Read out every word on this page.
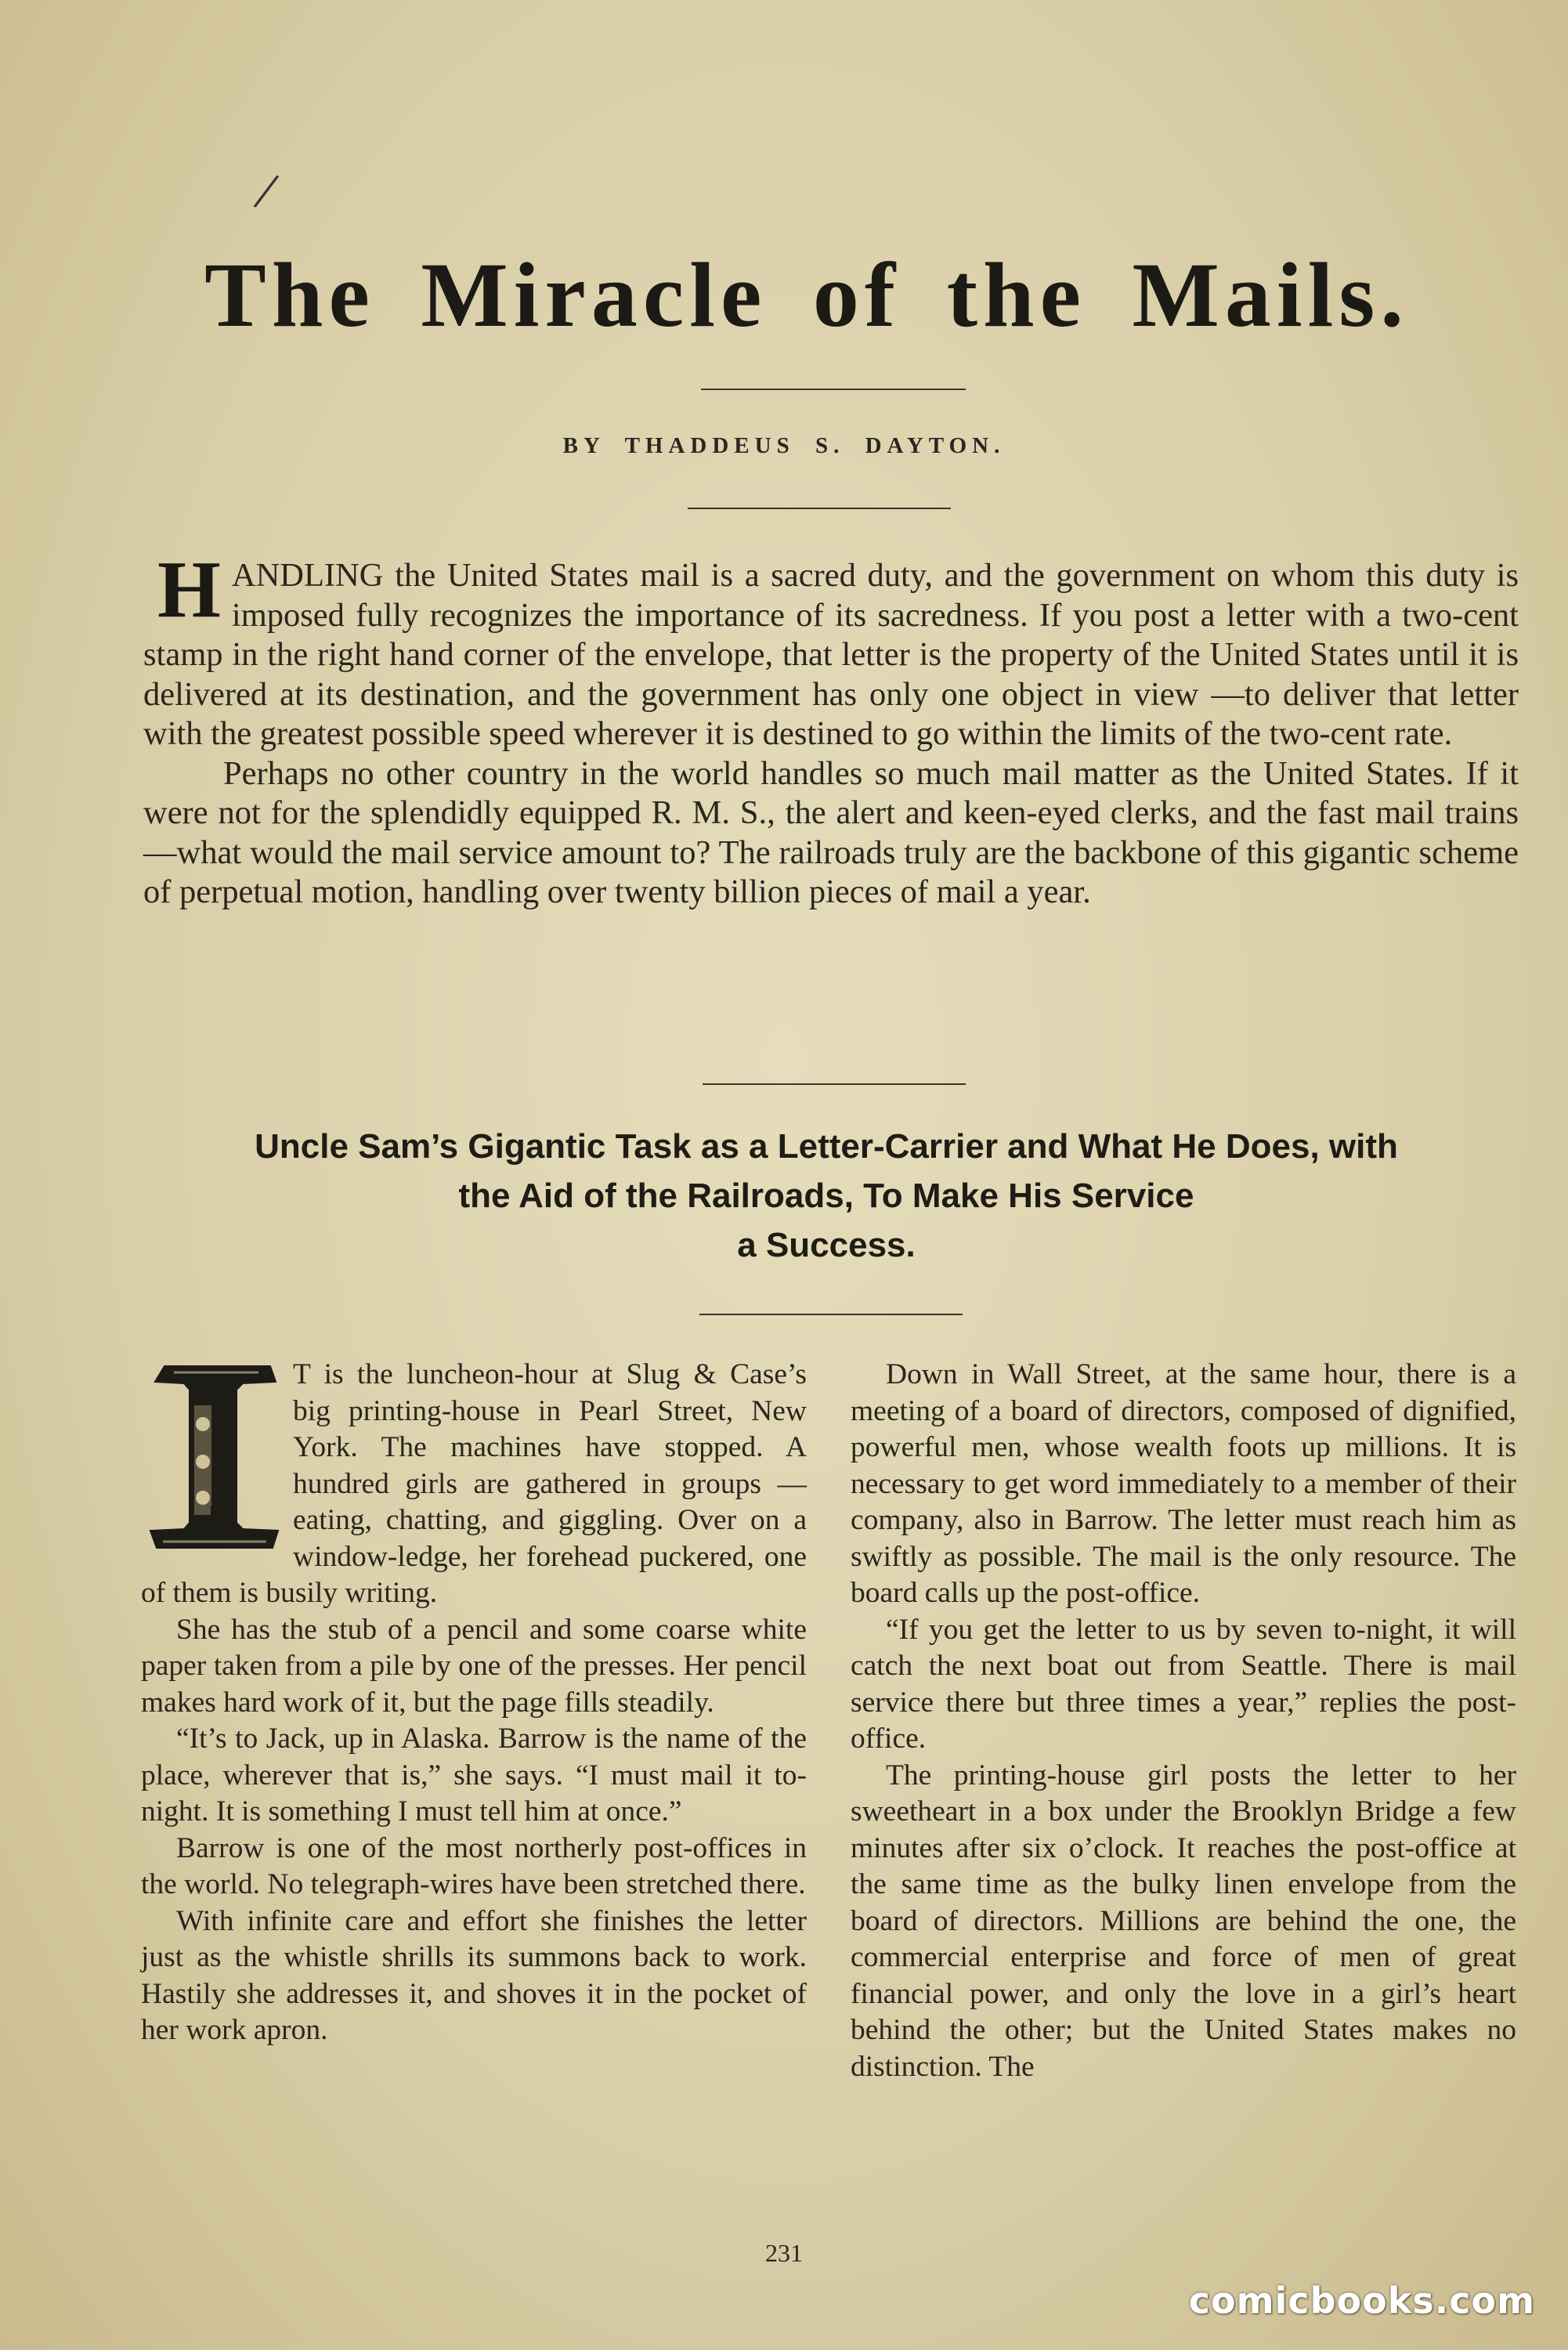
/
The Miracle of the Mails.
BY THADDEUS S. DAYTON.

H ANDLING the United States mail is a sacred duty, and the government on whom this duty is imposed fully recognizes the importance of its sacredness. If you post a letter with a two-cent stamp in the right hand corner of the envelope, that letter is the property of the United States until it is delivered at its destination, and the government has only one object in view —to deliver that letter with the greatest possible speed wherever it is destined to go within the limits of the two-cent rate.

Perhaps no other country in the world handles so much mail matter as the United States. If it were not for the splendidly equipped R. M. S., the alert and keen-eyed clerks, and the fast mail trains—what would the mail service amount to? The railroads truly are the backbone of this gigantic scheme of perpetual motion, handling over twenty billion pieces of mail a year.

Uncle Sam’s Gigantic Task as a Letter-Carrier and What He Does, with
the Aid of the Railroads, To Make His Service
a Success.
I

T is the luncheon-hour at Slug & Case’s big printing-house in Pearl Street, New York. The machines have stopped. A hundred girls are gathered in groups —eating, chatting, and giggling. Over on a window-ledge, her forehead puckered, one of them is busily writing.

She has the stub of a pencil and some coarse white paper taken from a pile by one of the presses. Her pencil makes hard work of it, but the page fills steadily.

“It’s to Jack, up in Alaska. Barrow is the name of the place, wherever that is,” she says. “I must mail it to-night. It is something I must tell him at once.”

Barrow is one of the most northerly post-offices in the world. No telegraph-wires have been stretched there.

With infinite care and effort she finishes the letter just as the whistle shrills its summons back to work. Hastily she addresses it, and shoves it in the pocket of her work apron.

Down in Wall Street, at the same hour, there is a meeting of a board of directors, composed of dignified, powerful men, whose wealth foots up millions. It is necessary to get word immediately to a member of their company, also in Barrow. The letter must reach him as swiftly as possible. The mail is the only resource. The board calls up the post-office.

“If you get the letter to us by seven to-night, it will catch the next boat out from Seattle. There is mail service there but three times a year,” replies the post-office.

The printing-house girl posts the letter to her sweetheart in a box under the Brooklyn Bridge a few minutes after six o’clock. It reaches the post-office at the same time as the bulky linen envelope from the board of directors. Millions are behind the one, the commercial enterprise and force of men of great financial power, and only the love in a girl’s heart behind the other; but the United States makes no distinction. The

231
comicbooks.com
